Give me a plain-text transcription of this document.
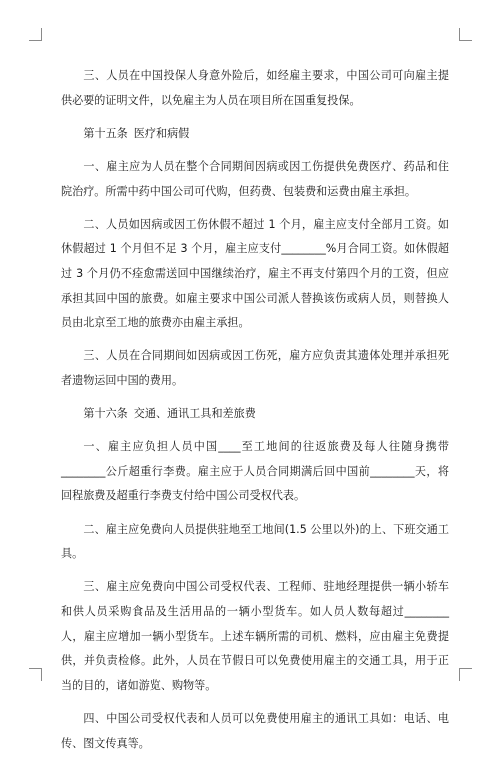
三、人员在中国投保人身意外险后，如经雇主要求，中国公司可向雇主提供必要的证明文件，以免雇主为人员在项目所在国重复投保。

第十五条 医疗和病假

一、雇主应为人员在整个合同期间因病或因工伤提供免费医疗、药品和住院治疗。所需中药中国公司可代购，但药费、包装费和运费由雇主承担。

二、人员如因病或因工伤休假不超过 1 个月，雇主应支付全部月工资。如休假超过 1 个月但不足 3 个月，雇主应支付________%月合同工资。如休假超过 3 个月仍不痊愈需送回中国继续治疗，雇主不再支付第四个月的工资，但应承担其回中国的旅费。如雇主要求中国公司派人替换该伤或病人员，则替换人员由北京至工地的旅费亦由雇主承担。

三、人员在合同期间如因病或因工伤死，雇方应负责其遗体处理并承担死者遗物运回中国的费用。

第十六条 交通、通讯工具和差旅费

一、雇主应负担人员中国____至工地间的往返旅费及每人往随身携带________公斤超重行李费。雇主应于人员合同期满后回中国前________天，将回程旅费及超重行李费支付给中国公司受权代表。

二、雇主应免费向人员提供驻地至工地间(1.5 公里以外)的上、下班交通工具。

三、雇主应免费向中国公司受权代表、工程师、驻地经理提供一辆小轿车和供人员采购食品及生活用品的一辆小型货车。如人员人数每超过________人，雇主应增加一辆小型货车。上述车辆所需的司机、燃料，应由雇主免费提供，并负责检修。此外，人员在节假日可以免费使用雇主的交通工具，用于正当的目的，诸如游览、购物等。

四、中国公司受权代表和人员可以免费使用雇主的通讯工具如：电话、电传、图文传真等。
